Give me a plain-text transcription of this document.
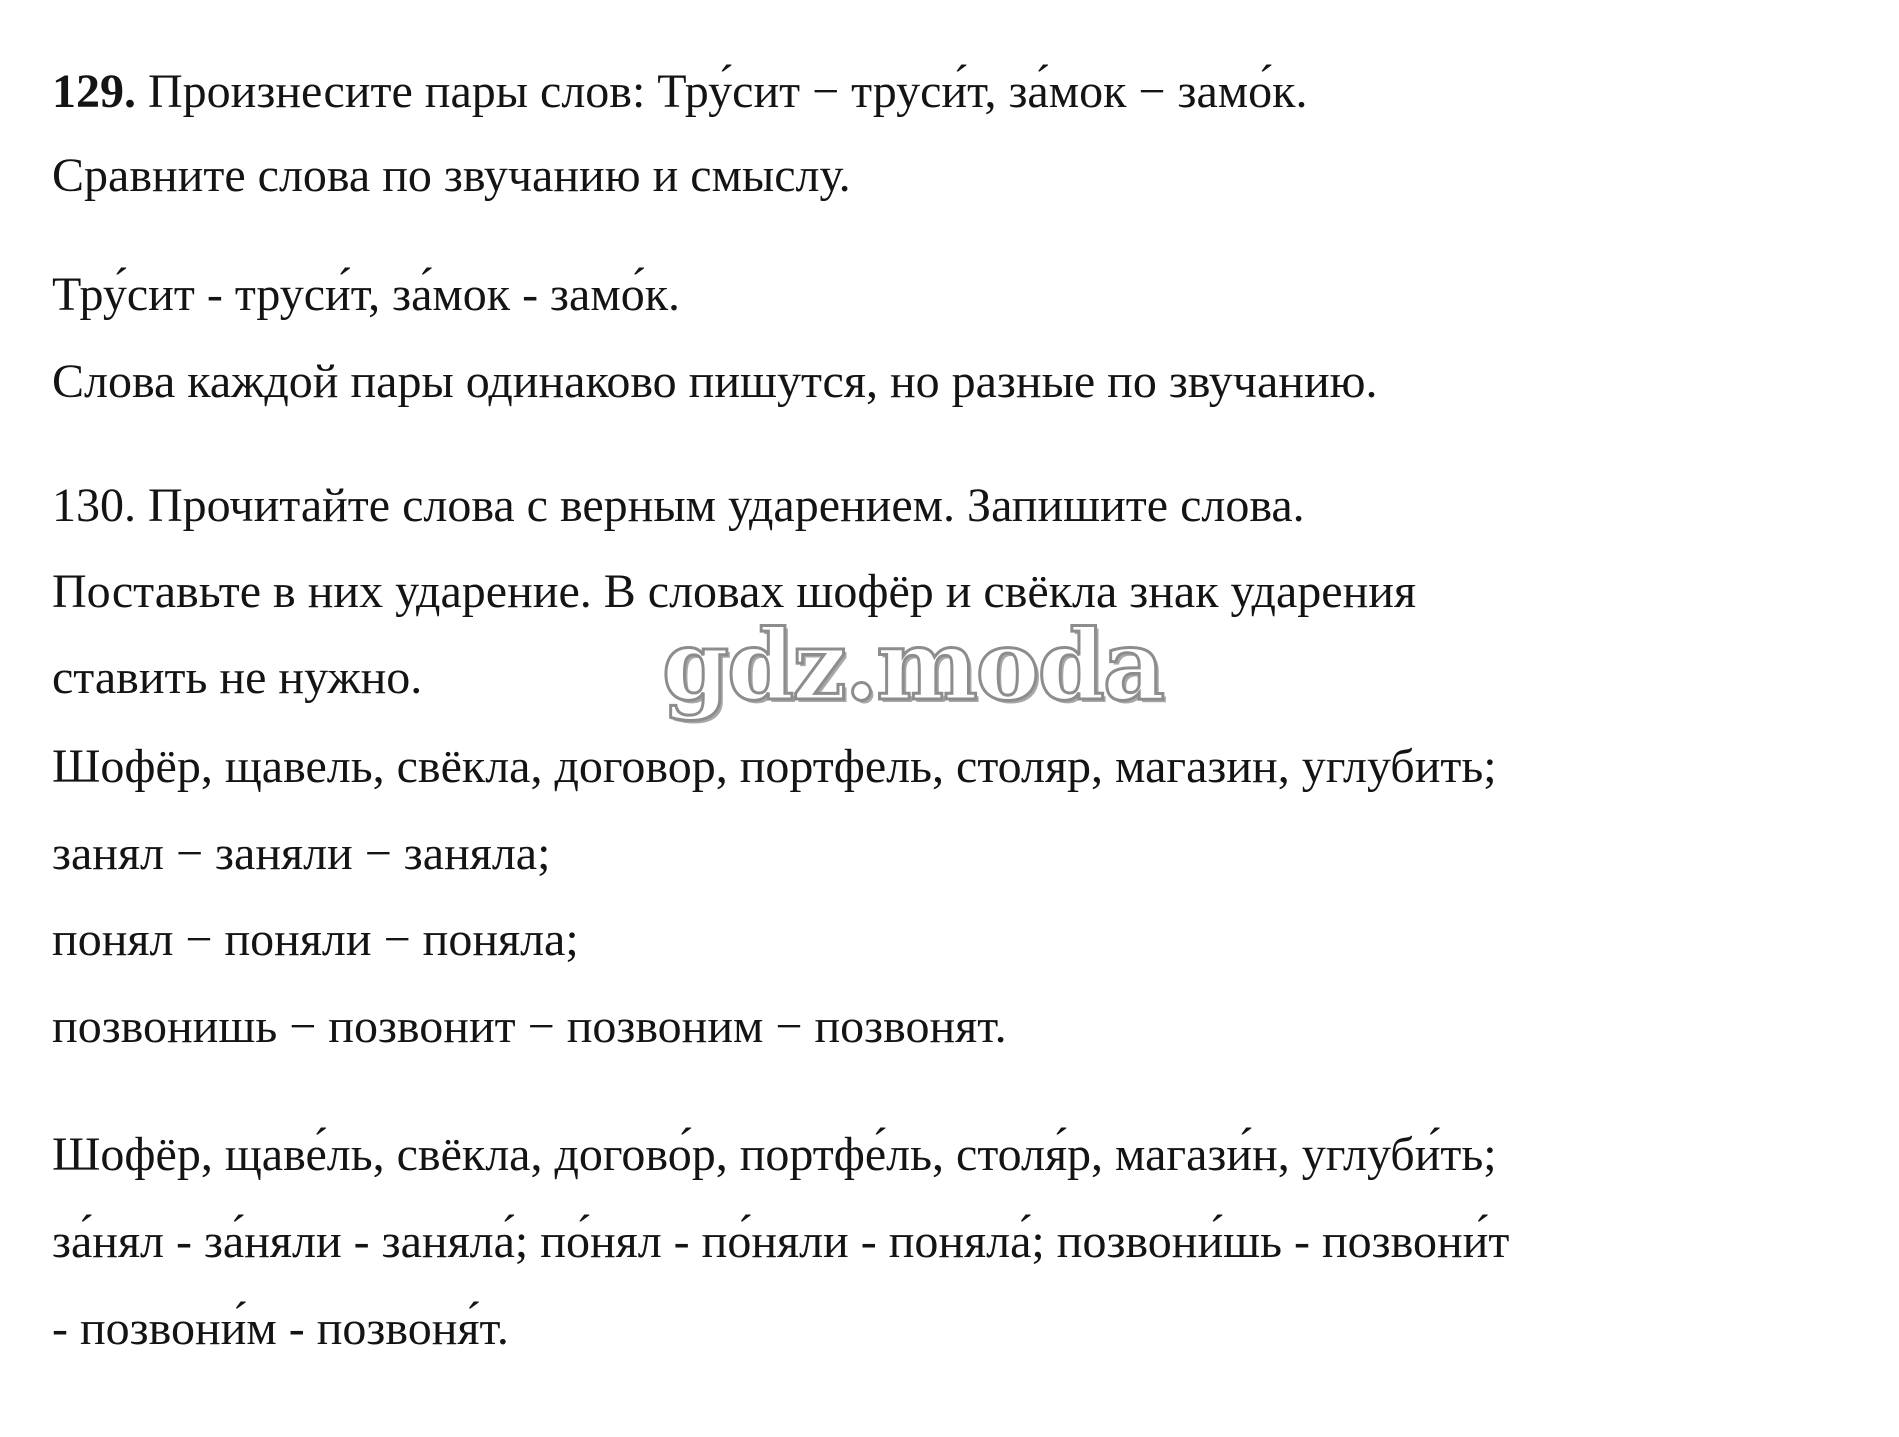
129. Произнесите пары слов: Тру́сит − труси́т, за́мок − замо́к.
Сравните слова по звучанию и смыслу.
Тру́сит - труси́т, за́мок - замо́к.
Слова каждой пары одинаково пишутся, но разные по звучанию.
130. Прочитайте слова с верным ударением. Запишите слова.
Поставьте в них ударение. В словах шофёр и свёкла знак ударения
ставить не нужно.
Шофёр, щавель, свёкла, договор, портфель, столяр, магазин, углубить;
занял − заняли − заняла;
понял − поняли − поняла;
позвонишь − позвонит − позвоним − позвонят.
Шофёр, щаве́ль, свёкла, догово́р, портфе́ль, столя́р, магази́н, углуби́ть;
за́нял - за́няли - заняла́; по́нял - по́няли - поняла́; позвони́шь - позвони́т
- позвони́м - позвоня́т.
gdz.moda
